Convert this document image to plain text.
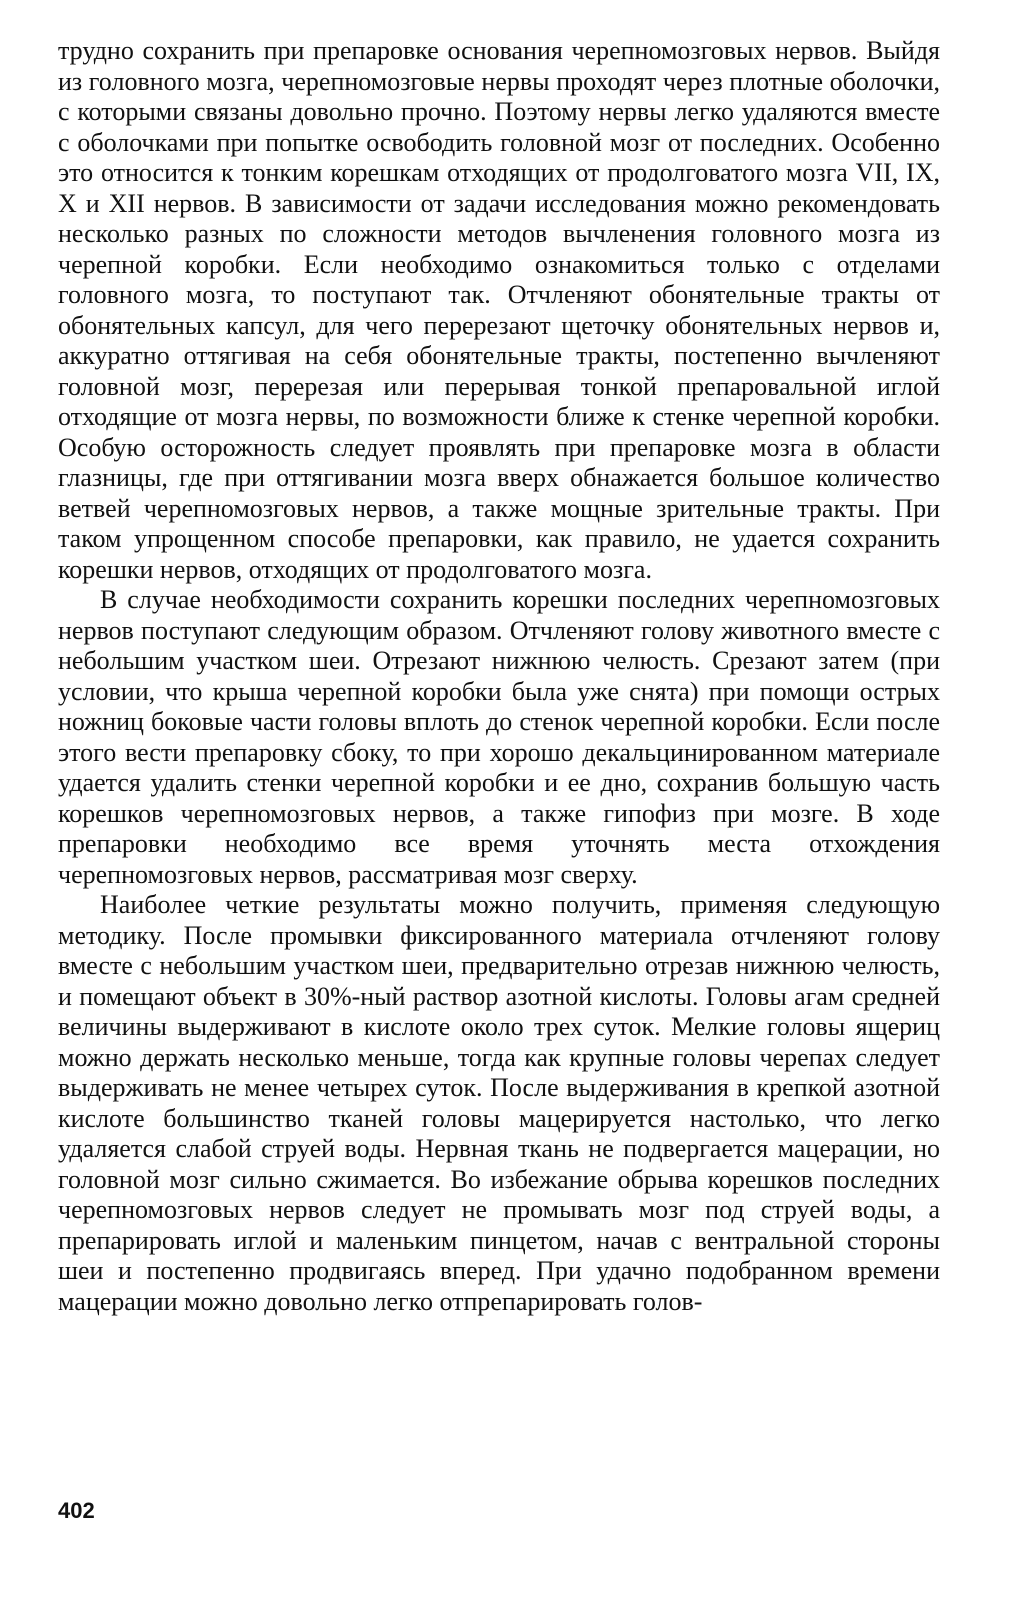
трудно сохранить при препаровке основания черепномозговых нервов. Выйдя из головного мозга, черепномозговые нервы проходят через плотные оболочки, с которыми связаны довольно прочно. Поэтому нервы легко удаляются вместе с оболочками при попытке освободить головной мозг от последних. Особенно это относится к тонким корешкам отходящих от продолговатого мозга VII, IX, X и XII нервов. В зависимости от задачи исследования можно рекомендовать несколько разных по сложности методов вычленения головного мозга из черепной коробки. Если необходимо ознакомиться только с отделами головного мозга, то поступают так. Отчленяют обонятельные тракты от обонятельных капсул, для чего перерезают щеточку обонятельных нервов и, аккуратно оттягивая на себя обонятельные тракты, постепенно вычленяют головной мозг, перерезая или перерывая тонкой препаровальной иглой отходящие от мозга нервы, по возможности ближе к стенке черепной коробки. Особую осторожность следует проявлять при препаровке мозга в области глазницы, где при оттягивании мозга вверх обнажается большое количество ветвей черепномозговых нервов, а также мощные зрительные тракты. При таком упрощенном способе препаровки, как правило, не удается сохранить корешки нервов, отходящих от продолговатого мозга.

В случае необходимости сохранить корешки последних черепномозговых нервов поступают следующим образом. Отчленяют голову животного вместе с небольшим участком шеи. Отрезают нижнюю челюсть. Срезают затем (при условии, что крыша черепной коробки была уже снята) при помощи острых ножниц боковые части головы вплоть до стенок черепной коробки. Если после этого вести препаровку сбоку, то при хорошо декальцинированном материале удается удалить стенки черепной коробки и ее дно, сохранив большую часть корешков черепномозговых нервов, а также гипофиз при мозге. В ходе препаровки необходимо все время уточнять места отхождения черепномозговых нервов, рассматривая мозг сверху.

Наиболее четкие результаты можно получить, применяя следующую методику. После промывки фиксированного материала отчленяют голову вместе с небольшим участком шеи, предварительно отрезав нижнюю челюсть, и помещают объект в 30%-ный раствор азотной кислоты. Головы агам средней величины выдерживают в кислоте около трех суток. Мелкие головы ящериц можно держать несколько меньше, тогда как крупные головы черепах следует выдерживать не менее четырех суток. После выдерживания в крепкой азотной кислоте большинство тканей головы мацерируется настолько, что легко удаляется слабой струей воды. Нервная ткань не подвергается мацерации, но головной мозг сильно сжимается. Во избежание обрыва корешков последних черепномозговых нервов следует не промывать мозг под струей воды, а препарировать иглой и маленьким пинцетом, начав с вентральной стороны шеи и постепенно продвигаясь вперед. При удачно подобранном времени мацерации можно довольно легко отпрепарировать голов-

402
